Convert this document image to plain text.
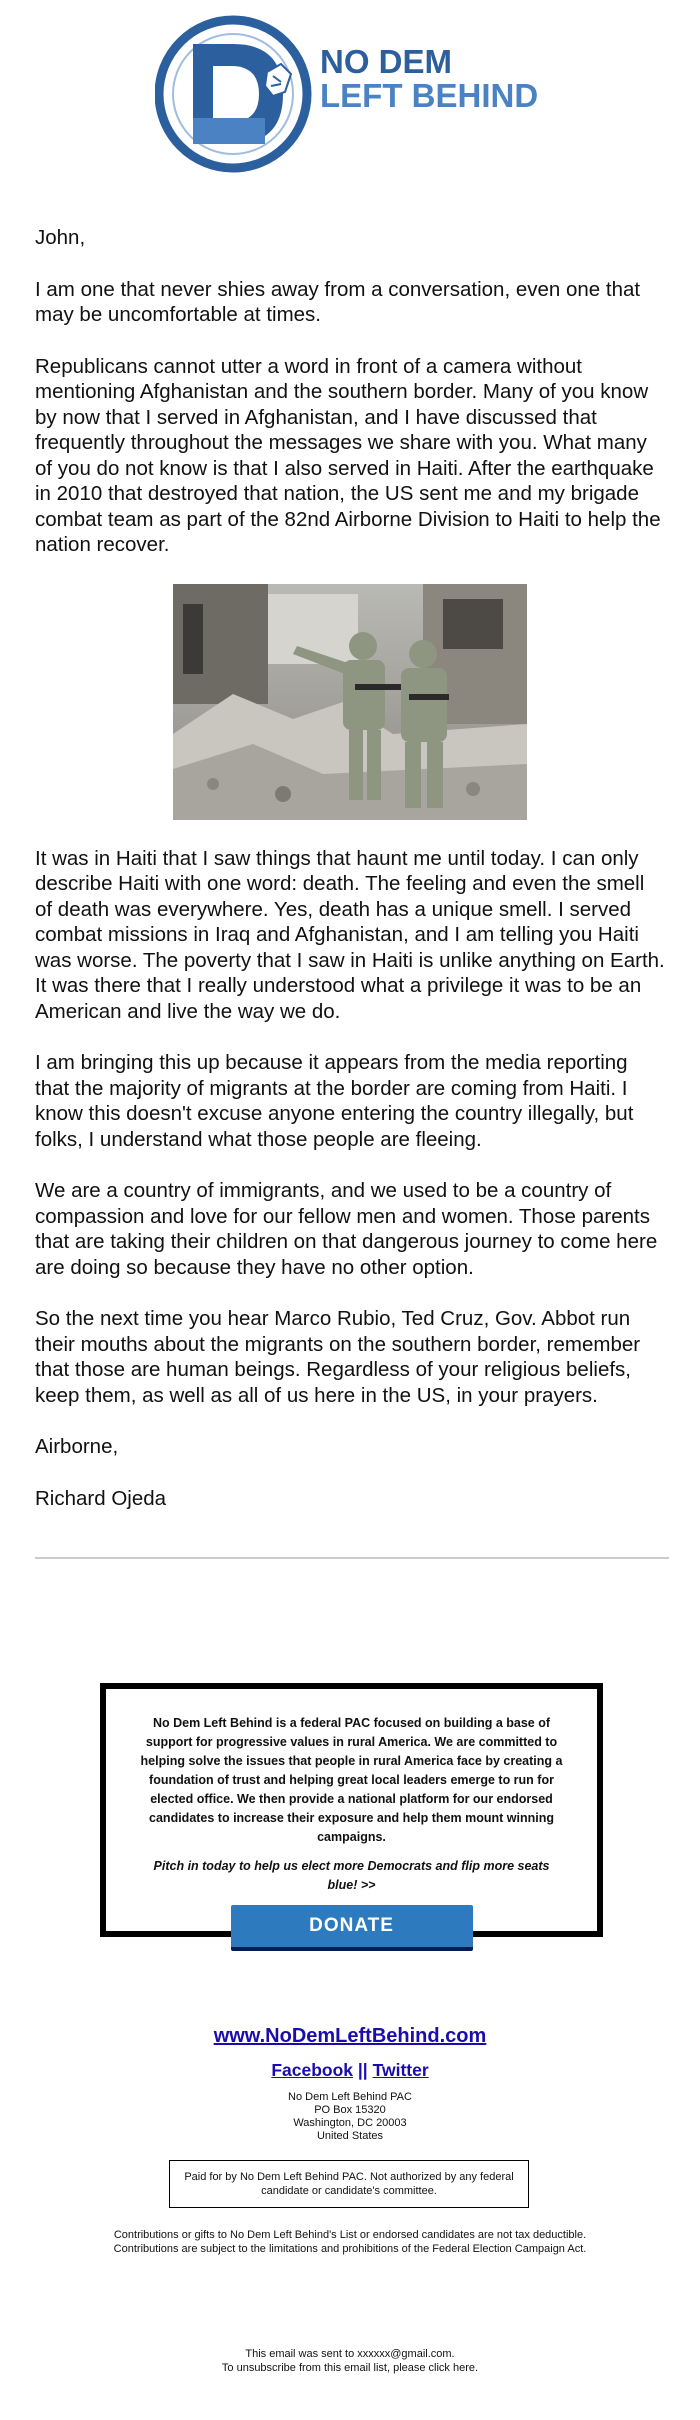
NO DEM
LEFT BEHIND

John,

I am one that never shies away from a conversation, even one that may be uncomfortable at times.

Republicans cannot utter a word in front of a camera without mentioning Afghanistan and the southern border. Many of you know by now that I served in Afghanistan, and I have discussed that frequently throughout the messages we share with you. What many of you do not know is that I also served in Haiti. After the earthquake in 2010 that destroyed that nation, the US sent me and my brigade combat team as part of the 82nd Airborne Division to Haiti to help the nation recover.

It was in Haiti that I saw things that haunt me until today. I can only describe Haiti with one word: death. The feeling and even the smell of death was everywhere. Yes, death has a unique smell. I served combat missions in Iraq and Afghanistan, and I am telling you Haiti was worse. The poverty that I saw in Haiti is unlike anything on Earth. It was there that I really understood what a privilege it was to be an American and live the way we do.

I am bringing this up because it appears from the media reporting that the majority of migrants at the border are coming from Haiti. I know this doesn't excuse anyone entering the country illegally, but folks, I understand what those people are fleeing.

We are a country of immigrants, and we used to be a country of compassion and love for our fellow men and women. Those parents that are taking their children on that dangerous journey to come here are doing so because they have no other option.

So the next time you hear Marco Rubio, Ted Cruz, Gov. Abbot run their mouths about the migrants on the southern border, remember that those are human beings. Regardless of your religious beliefs, keep them, as well as all of us here in the US, in your prayers.

Airborne,

Richard Ojeda

No Dem Left Behind is a federal PAC focused on building a base of support for progressive values in rural America. We are committed to helping solve the issues that people in rural America face by creating a foundation of trust and helping great local leaders emerge to run for elected office. We then provide a national platform for our endorsed candidates to increase their exposure and help them mount winning campaigns.
Pitch in today to help us elect more Democrats and flip more seats blue! >>
DONATE
www.NoDemLeftBehind.com
Facebook || Twitter
No Dem Left Behind PAC
PO Box 15320
Washington, DC 20003
United States
Paid for by No Dem Left Behind PAC. Not authorized by any federal candidate or candidate's committee.
Contributions or gifts to No Dem Left Behind's List or endorsed candidates are not tax deductible.
Contributions are subject to the limitations and prohibitions of the Federal Election Campaign Act.
This email was sent to xxxxxx@gmail.com.
To unsubscribe from this email list, please click here.
